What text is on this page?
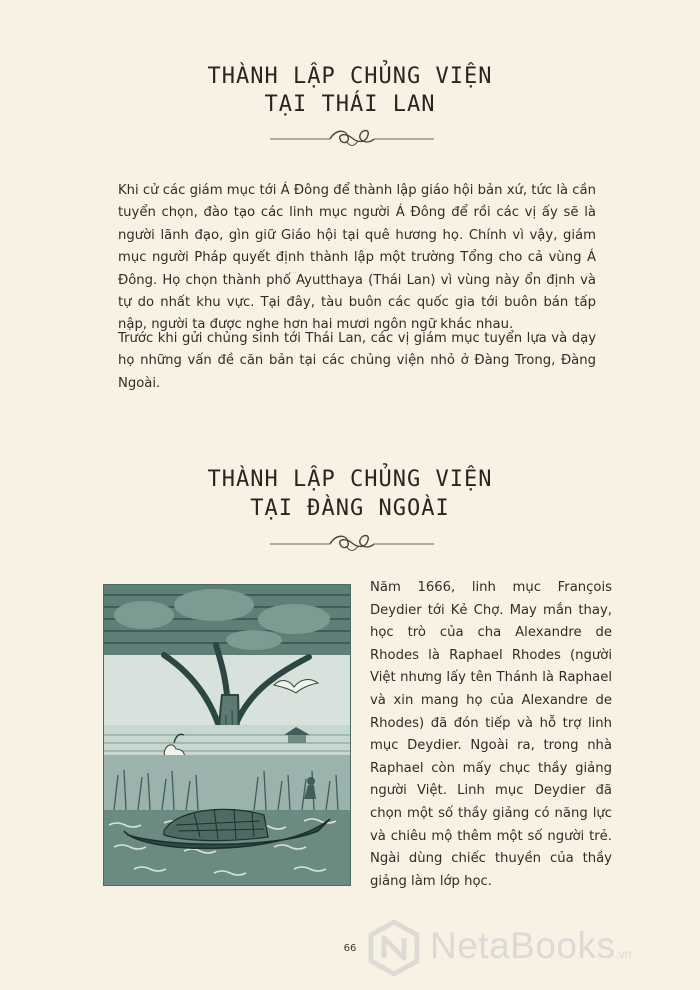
THÀNH LẬP CHỦNG VIỆN
TẠI THÁI LAN

Khi cử các giám mục tới Á Đông để thành lập giáo hội bản xứ, tức là cần tuyển chọn, đào tạo các linh mục người Á Đông để rồi các vị ấy sẽ là người lãnh đạo, gìn giữ Giáo hội tại quê hương họ. Chính vì vậy, giám mục người Pháp quyết định thành lập một trường Tổng cho cả vùng Á Đông. Họ chọn thành phố Ayutthaya (Thái Lan) vì vùng này ổn định và tự do nhất khu vực. Tại đây, tàu buôn các quốc gia tới buôn bán tấp nập, người ta được nghe hơn hai mươi ngôn ngữ khác nhau.

Trước khi gửi chủng sinh tới Thái Lan, các vị giám mục tuyển lựa và dạy họ những vấn đề căn bản tại các chủng viện nhỏ ở Đàng Trong, Đàng Ngoài.

THÀNH LẬP CHỦNG VIỆN
TẠI ĐÀNG NGOÀI

Năm 1666, linh mục François Deydier tới Kẻ Chợ. May mắn thay, học trò của cha Alexandre de Rhodes là Raphael Rhodes (người Việt nhưng lấy tên Thánh là Raphael và xin mang họ của Alexandre de Rhodes) đã đón tiếp và hỗ trợ linh mục Deydier. Ngoài ra, trong nhà Raphael còn mấy chục thầy giảng người Việt. Linh mục Deydier đã chọn một số thầy giảng có năng lực và chiêu mộ thêm một số người trẻ. Ngài dùng chiếc thuyền của thầy giảng làm lớp học.

66	NetaBooks.vn
